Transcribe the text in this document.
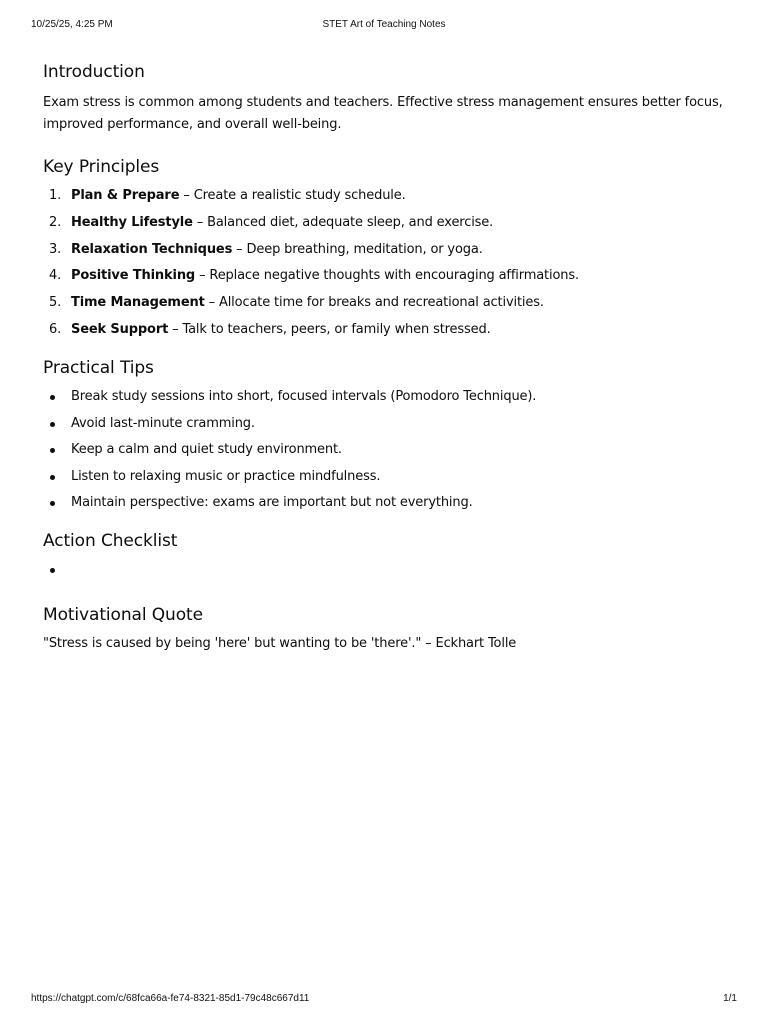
10/25/25, 4:25 PM	STET Art of Teaching Notes
Introduction

Exam stress is common among students and teachers. Effective stress management ensures better focus, improved performance, and overall well-being.

Key Principles
1. Plan & Prepare – Create a realistic study schedule.
2. Healthy Lifestyle – Balanced diet, adequate sleep, and exercise.
3. Relaxation Techniques – Deep breathing, meditation, or yoga.
4. Positive Thinking – Replace negative thoughts with encouraging affirmations.
5. Time Management – Allocate time for breaks and recreational activities.
6. Seek Support – Talk to teachers, peers, or family when stressed.
Practical Tips
Break study sessions into short, focused intervals (Pomodoro Technique).
Avoid last-minute cramming.
Keep a calm and quiet study environment.
Listen to relaxing music or practice mindfulness.
Maintain perspective: exams are important but not everything.
Action Checklist
Motivational Quote

"Stress is caused by being 'here' but wanting to be 'there'." – Eckhart Tolle

https://chatgpt.com/c/68fca66a-fe74-8321-85d1-79c48c667d11	1/1
